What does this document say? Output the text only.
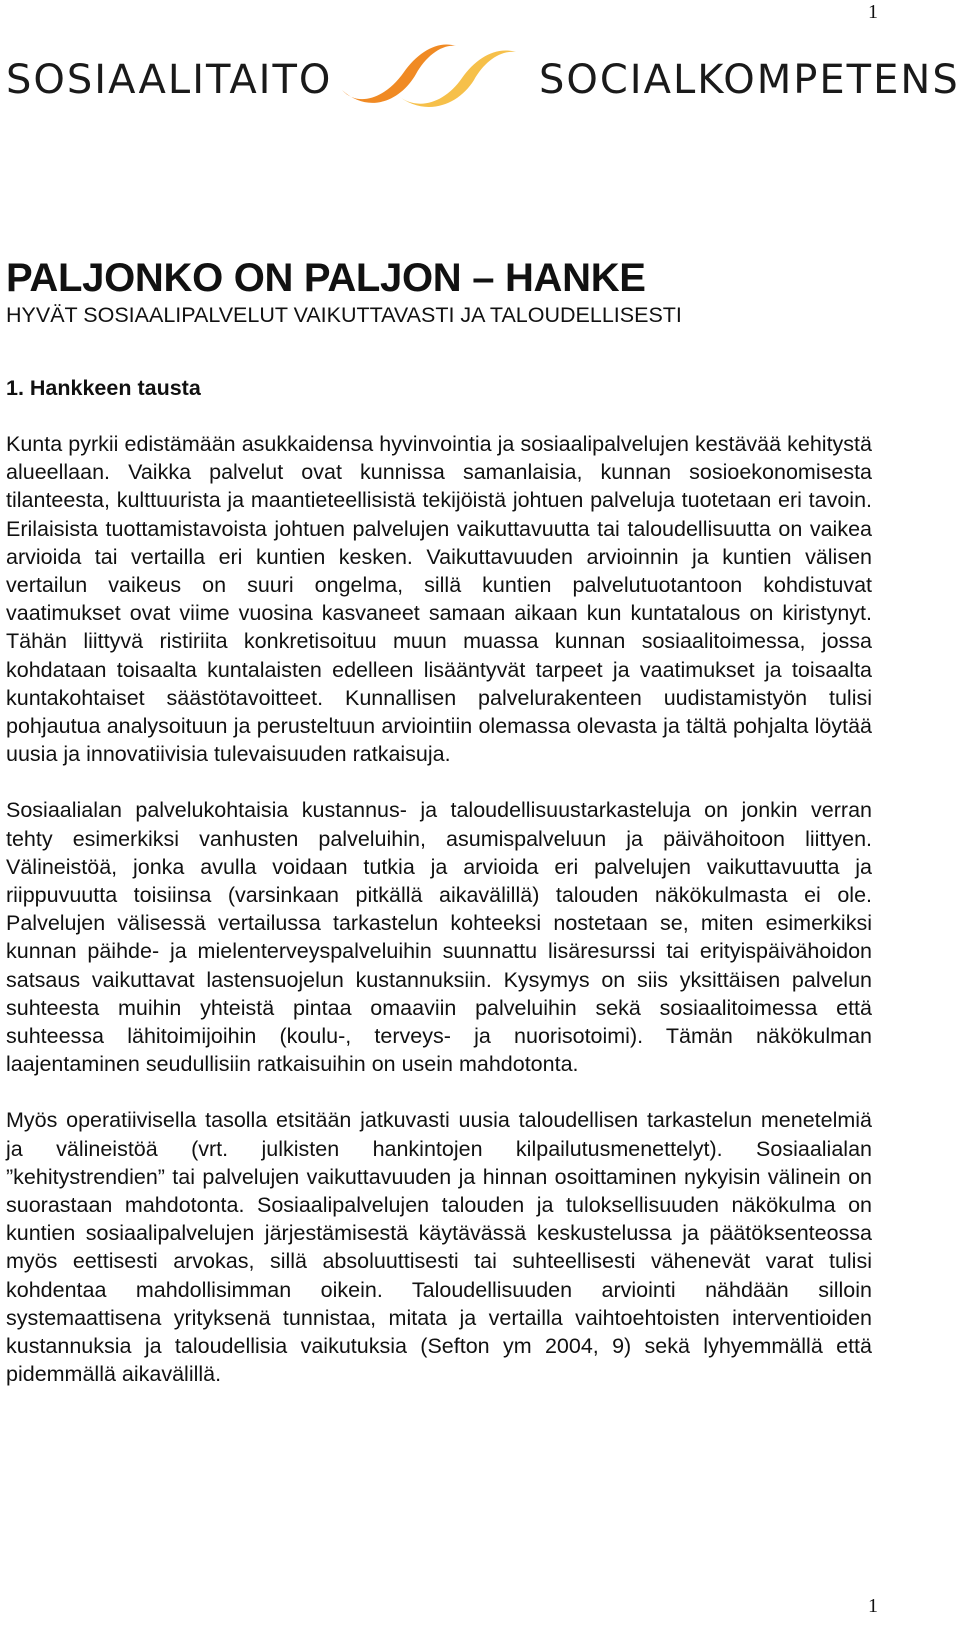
1
SOSIAALITAITO	SOCIALKOMPETENS
PALJONKO ON PALJON – HANKE

HYVÄT SOSIAALIPALVELUT VAIKUTTAVASTI JA TALOUDELLISESTI

1. Hankkeen tausta

Kunta pyrkii edistämään asukkaidensa hyvinvointia ja sosiaalipalvelujen kestävää kehitystä alueellaan. Vaikka palvelut ovat kunnissa samanlaisia, kunnan sosioekonomisesta tilanteesta, kulttuurista ja maantieteellisistä tekijöistä johtuen palveluja tuotetaan eri tavoin. Erilaisista tuottamistavoista johtuen palvelujen vaikuttavuutta tai taloudellisuutta on vaikea arvioida tai vertailla eri kuntien kesken. Vaikuttavuuden arvioinnin ja kuntien välisen vertailun vaikeus on suuri ongelma, sillä kuntien palvelutuotantoon kohdistuvat vaatimukset ovat viime vuosina kasvaneet samaan aikaan kun kuntatalous on kiristynyt. Tähän liittyvä ristiriita konkretisoituu muun muassa kunnan sosiaalitoimessa, jossa kohdataan toisaalta kuntalaisten edelleen lisääntyvät tarpeet ja vaatimukset ja toisaalta kuntakohtaiset säästötavoitteet. Kunnallisen palvelurakenteen uudistamistyön tulisi pohjautua analysoituun ja perusteltuun arviointiin olemassa olevasta ja tältä pohjalta löytää uusia ja innovatiivisia tulevaisuuden ratkaisuja.

Sosiaalialan palvelukohtaisia kustannus- ja taloudellisuustarkasteluja on jonkin verran tehty esimerkiksi vanhusten palveluihin, asumispalveluun ja päivähoitoon liittyen. Välineistöä, jonka avulla voidaan tutkia ja arvioida eri palvelujen vaikuttavuutta ja riippuvuutta toisiinsa (varsinkaan pitkällä aikavälillä) talouden näkökulmasta ei ole. Palvelujen välisessä vertailussa tarkastelun kohteeksi nostetaan se, miten esimerkiksi kunnan päihde- ja mielenterveyspalveluihin suunnattu lisäresurssi tai erityispäivähoidon satsaus vaikuttavat lastensuojelun kustannuksiin. Kysymys on siis yksittäisen palvelun suhteesta muihin yhteistä pintaa omaaviin palveluihin sekä sosiaalitoimessa että suhteessa lähitoimijoihin (koulu-, terveys- ja nuorisotoimi). Tämän näkökulman laajentaminen seudullisiin ratkaisuihin on usein mahdotonta.

Myös operatiivisella tasolla etsitään jatkuvasti uusia taloudellisen tarkastelun menetelmiä ja välineistöä (vrt. julkisten hankintojen kilpailutusmenettelyt). Sosiaalialan ”kehitystrendien” tai palvelujen vaikuttavuuden ja hinnan osoittaminen nykyisin välinein on suorastaan mahdotonta. Sosiaalipalvelujen talouden ja tuloksellisuuden näkökulma on kuntien sosiaalipalvelujen järjestämisestä käytävässä keskustelussa ja päätöksenteossa myös eettisesti arvokas, sillä absoluuttisesti tai suhteellisesti vähenevät varat tulisi kohdentaa mahdollisimman oikein. Taloudellisuuden arviointi nähdään silloin systemaattisena yrityksenä tunnistaa, mitata ja vertailla vaihtoehtoisten interventioiden kustannuksia ja taloudellisia vaikutuksia (Sefton ym 2004, 9) sekä lyhyemmällä että pidemmällä aikavälillä.

1
